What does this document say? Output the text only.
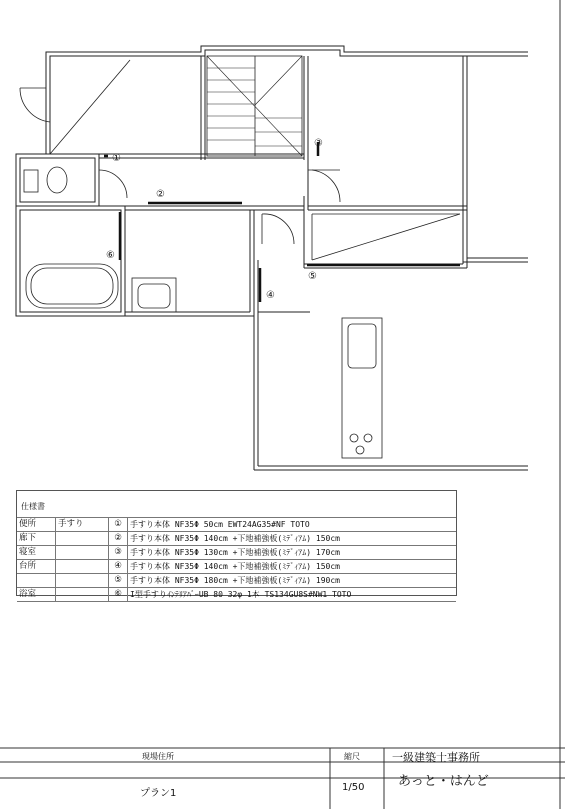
①
②
③
④
⑤
⑥
仕様書
便所	手すり	①	手すり本体 NF35Φ 50cm EWT24AG35#NF TOTO
廊下		②	手すり本体 NF35Φ 140cm +下地補強板(ﾐﾃﾞｨｱﾑ) 150cm
寝室		③	手すり本体 NF35Φ 130cm +下地補強板(ﾐﾃﾞｨｱﾑ) 170cm
台所		④	手すり本体 NF35Φ 140cm +下地補強板(ﾐﾃﾞｨｱﾑ) 150cm
		⑤	手すり本体 NF35Φ 180cm +下地補強板(ﾐﾃﾞｨｱﾑ) 190cm
浴室		⑥	I型手すりｲﾝﾃﾘｱﾊﾞｰUB 80 32φ 1本 TS134GU8S#NW1 TOTO
現場住所
プラン1
縮尺
1/50
一級建築士事務所
あっと・はんど
